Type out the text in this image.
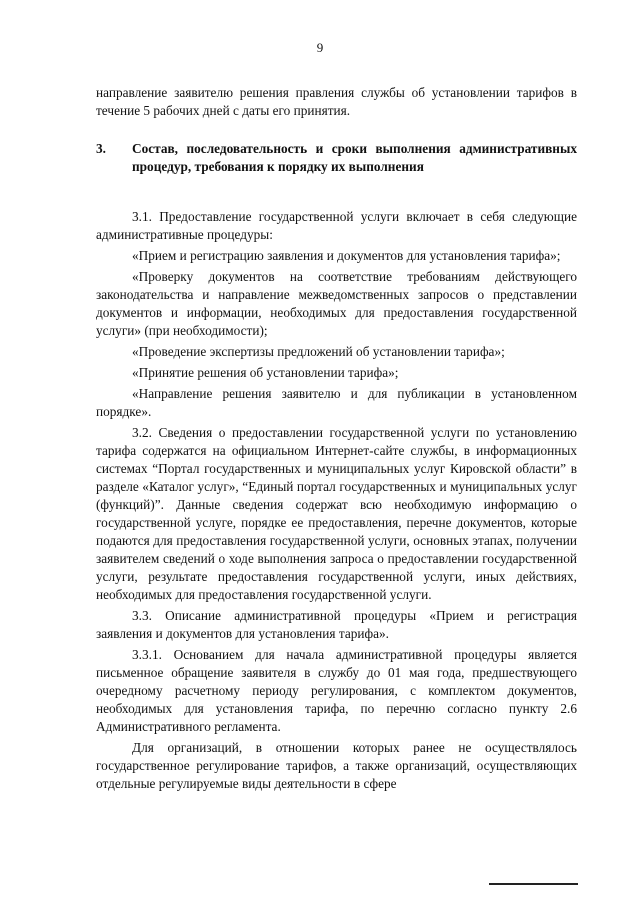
9

направление заявителю решения правления службы об установлении тарифов в течение 5 рабочих дней с даты его принятия.

3.	Состав, последовательность и сроки выполнения административных процедур, требования к порядку их выполнения

3.1. Предоставление государственной услуги включает в себя следующие административные процедуры:

«Прием и регистрацию заявления и документов для установления тарифа»;

«Проверку документов на соответствие требованиям действующего законодательства и направление межведомственных запросов о представлении документов и информации, необходимых для предоставления государственной услуги» (при необходимости);

«Проведение экспертизы предложений об установлении тарифа»;

«Принятие решения об установлении тарифа»;

«Направление решения заявителю и для публикации в установленном порядке».

3.2. Сведения о предоставлении государственной услуги по установлению тарифа содержатся на официальном Интернет-сайте службы, в информационных системах “Портал государственных и муниципальных услуг Кировской области” в разделе «Каталог услуг», “Единый портал государственных и муниципальных услуг (функций)”. Данные сведения содержат всю необходимую информацию о государственной услуге, порядке ее предоставления, перечне документов, которые подаются для предоставления государственной услуги, основных этапах, получении заявителем сведений о ходе выполнения запроса о предоставлении государственной услуги, результате предоставления государственной услуги, иных действиях, необходимых для предоставления государственной услуги.

3.3. Описание административной процедуры «Прием и регистрация заявления и документов для установления тарифа».

3.3.1. Основанием для начала административной процедуры является письменное обращение заявителя в службу до 01 мая года, предшествующего очередному расчетному периоду регулирования, с комплектом документов, необходимых для установления тарифа, по перечню согласно пункту 2.6 Административного регламента.

Для организаций, в отношении которых ранее не осуществлялось государственное регулирование тарифов, а также организаций, осуществляющих отдельные регулируемые виды деятельности в сфере
